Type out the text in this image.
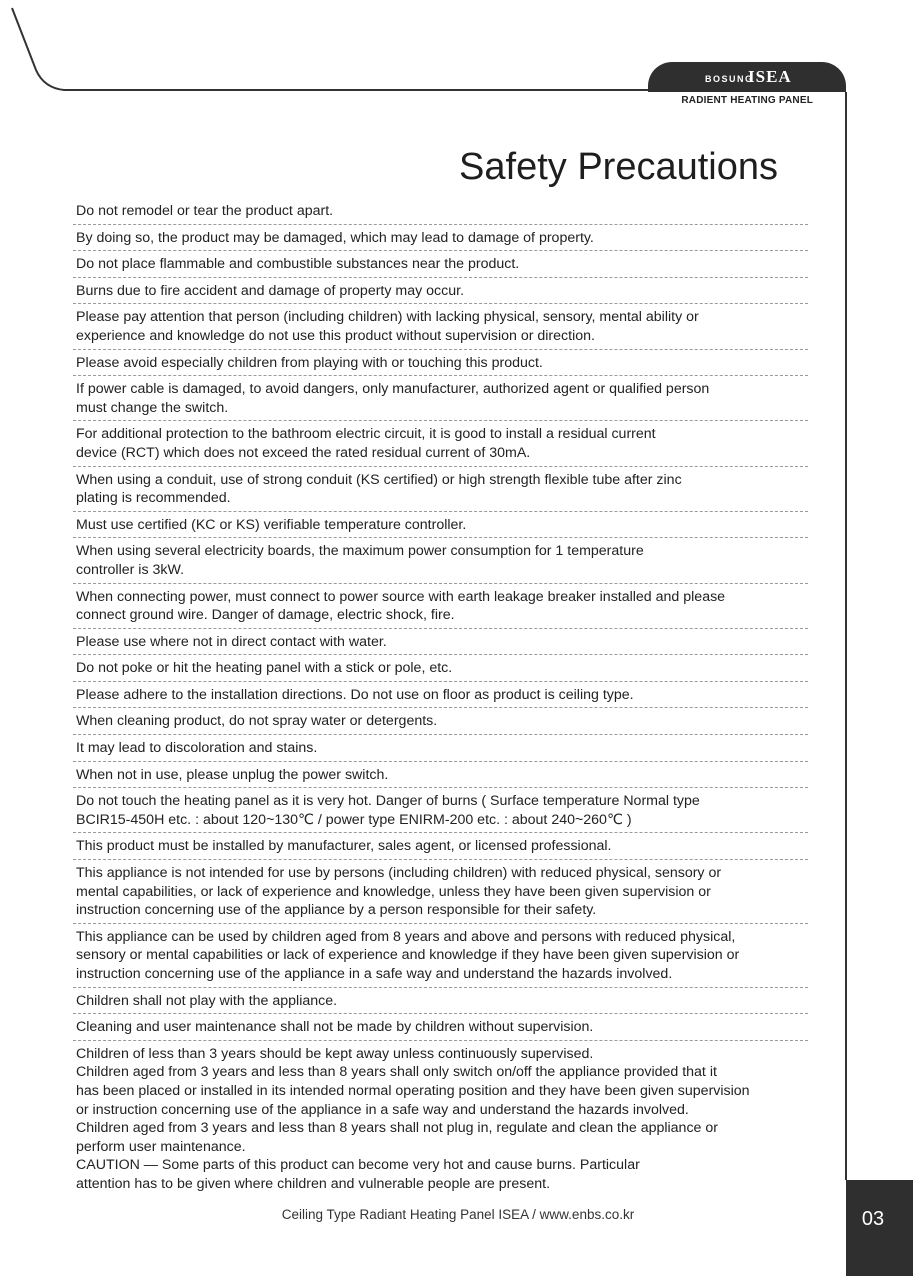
BOSUNG
ISEA
RADIENT HEATING PANEL
Safety Precautions
Do not remodel or tear the product apart.
By doing so, the product may be damaged, which may lead to damage of property.
Do not place flammable and combustible substances near the product.
Burns due to fire accident and damage of property may occur.
Please pay attention that person (including children) with lacking physical, sensory, mental ability or
experience and knowledge do not use this product without supervision or direction.
Please avoid especially children from playing with or touching this product.
If power cable is damaged, to avoid dangers, only manufacturer, authorized agent or qualified person
must change the switch.
For additional protection to the bathroom electric circuit, it is good to install a residual current
device (RCT) which does not exceed the rated residual current of 30mA.
When using a conduit, use of strong conduit (KS certified) or high strength flexible tube after zinc
plating is recommended.
Must use certified (KC or KS) verifiable temperature controller.
When using several electricity boards, the maximum power consumption for 1 temperature
controller is 3kW.
When connecting power, must connect to power source with earth leakage breaker installed and please
connect ground wire. Danger of damage, electric shock, fire.
Please use where not in direct contact with water.
Do not poke or hit the heating panel with a stick or pole, etc.
Please adhere to the installation directions. Do not use on floor as product is ceiling type.
When cleaning product, do not spray water or detergents.
It may lead to discoloration and stains.
When not in use, please unplug the power switch.
Do not touch the heating panel as it is very hot. Danger of burns ( Surface temperature Normal type
BCIR15-450H etc. : about 120~130℃ / power type ENIRM-200 etc. : about 240~260℃ )
This product must be installed by manufacturer, sales agent, or licensed professional.
This appliance is not intended for use by persons (including children) with reduced physical, sensory or
mental capabilities, or lack of experience and knowledge, unless they have been given supervision or
instruction concerning use of the appliance by a person responsible for their safety.
This appliance can be used by children aged from 8 years and above and persons with reduced physical,
sensory or mental capabilities or lack of experience and knowledge if they have been given supervision or
instruction concerning use of the appliance in a safe way and understand the hazards involved.
Children shall not play with the appliance.
Cleaning and user maintenance shall not be made by children without supervision.
Children of less than 3 years should be kept away unless continuously supervised.
Children aged from 3 years and less than 8 years shall only switch on/off the appliance provided that it
has been placed or installed in its intended normal operating position and they have been given supervision
or instruction concerning use of the appliance in a safe way and understand the hazards involved.
Children aged from 3 years and less than 8 years shall not plug in, regulate and clean the appliance or
perform user maintenance.
CAUTION — Some parts of this product can become very hot and cause burns. Particular
attention has to be given where children and vulnerable people are present.
Ceiling Type Radiant Heating Panel ISEA / www.enbs.co.kr	03
